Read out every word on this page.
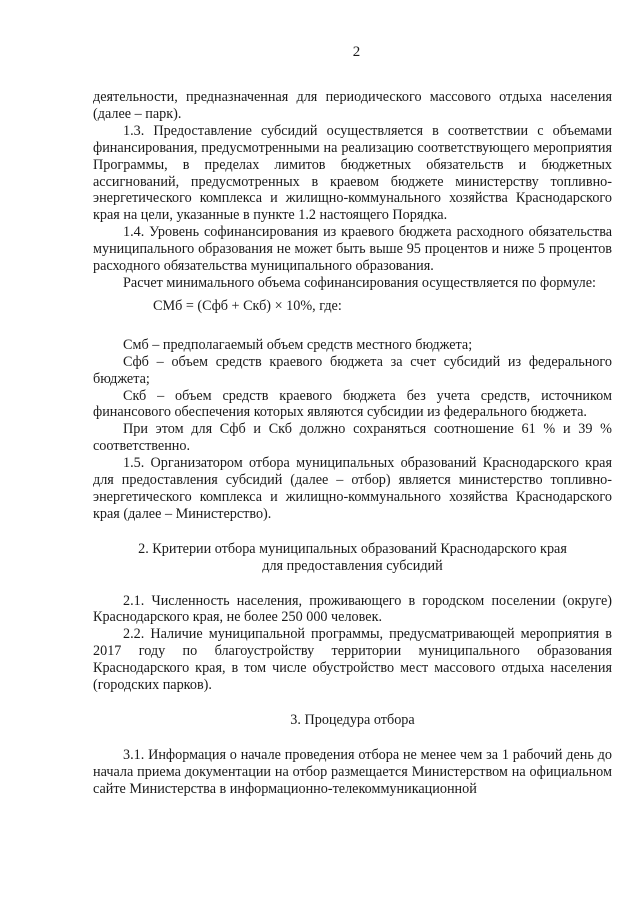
2

деятельности, предназначенная для периодического массового отдыха населения (далее – парк).

1.3. Предоставление субсидий осуществляется в соответствии с объемами финансирования, предусмотренными на реализацию соответствующего мероприятия Программы, в пределах лимитов бюджетных обязательств и бюджетных ассигнований, предусмотренных в краевом бюджете министерству топливно-энергетического комплекса и жилищно-коммунального хозяйства Краснодарского края на цели, указанные в пункте 1.2 настоящего Порядка.

1.4. Уровень софинансирования из краевого бюджета расходного обязательства муниципального образования не может быть выше 95 процентов и ниже 5 процентов расходного обязательства муниципального образования.

Расчет минимального объема софинансирования осуществляется по формуле:

СМб = (Сфб + Скб) × 10%, где:

Смб – предполагаемый объем средств местного бюджета;

Сфб – объем средств краевого бюджета за счет субсидий из федерального бюджета;

Скб – объем средств краевого бюджета без учета средств, источником финансового обеспечения которых являются субсидии из федерального бюджета.

При этом для Сфб и Скб должно сохраняться соотношение 61 % и 39 % соответственно.

1.5. Организатором отбора муниципальных образований Краснодарского края для предоставления субсидий (далее – отбор) является министерство топливно-энергетического комплекса и жилищно-коммунального хозяйства Краснодарского края (далее – Министерство).

2. Критерии отбора муниципальных образований Краснодарского края
для предоставления субсидий

2.1. Численность населения, проживающего в городском поселении (округе) Краснодарского края, не более 250 000 человек.

2.2. Наличие муниципальной программы, предусматривающей мероприятия в 2017 году по благоустройству территории муниципального образования Краснодарского края, в том числе обустройство мест массового отдыха населения (городских парков).

3. Процедура отбора

3.1. Информация о начале проведения отбора не менее чем за 1 рабочий день до начала приема документации на отбор размещается Министерством на официальном сайте Министерства в информационно-телекоммуникационной
